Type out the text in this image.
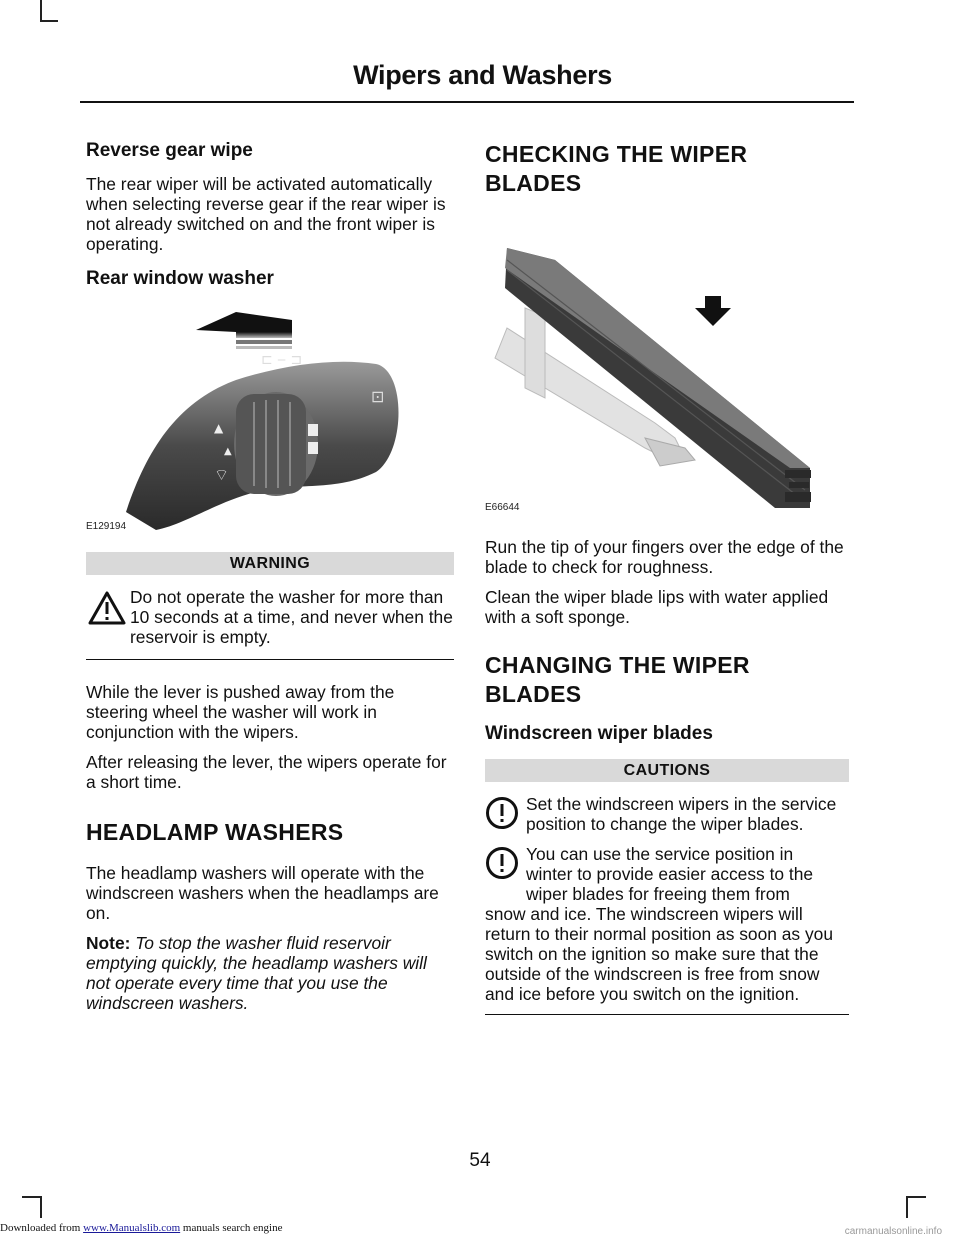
Wipers and Washers
Reverse gear wipe

The rear wiper will be activated automatically when selecting reverse gear if the rear wiper is not already switched on and the front wiper is operating.

Rear window washer
⊏ ‒ ⊐
⊡
▲
▲
⌔
E129194
WARNING

Do not operate the washer for more than 10 seconds at a time, and never when the reservoir is empty.

While the lever is pushed away from the steering wheel the washer will work in conjunction with the wipers.

After releasing the lever, the wipers operate for a short time.

HEADLAMP WASHERS

The headlamp washers will operate with the windscreen washers when the headlamps are on.

Note: To stop the washer fluid reservoir emptying quickly, the headlamp washers will not operate every time that you use the windscreen washers.

CHECKING THE WIPER
BLADES
E66644

Run the tip of your fingers over the edge of the blade to check for roughness.

Clean the wiper blade lips with water applied with a soft sponge.

CHANGING THE WIPER
BLADES
Windscreen wiper blades
CAUTIONS

Set the windscreen wipers in the service position to change the wiper blades.

You can use the service position in
winter to provide easier access to the
wiper blades for freeing them from

snow and ice. The windscreen wipers will return to their normal position as soon as you switch on the ignition so make sure that the outside of the windscreen is free from snow and ice before you switch on the ignition.

54
Downloaded from www.Manualslib.com manuals search engine	carmanualsonline.info
